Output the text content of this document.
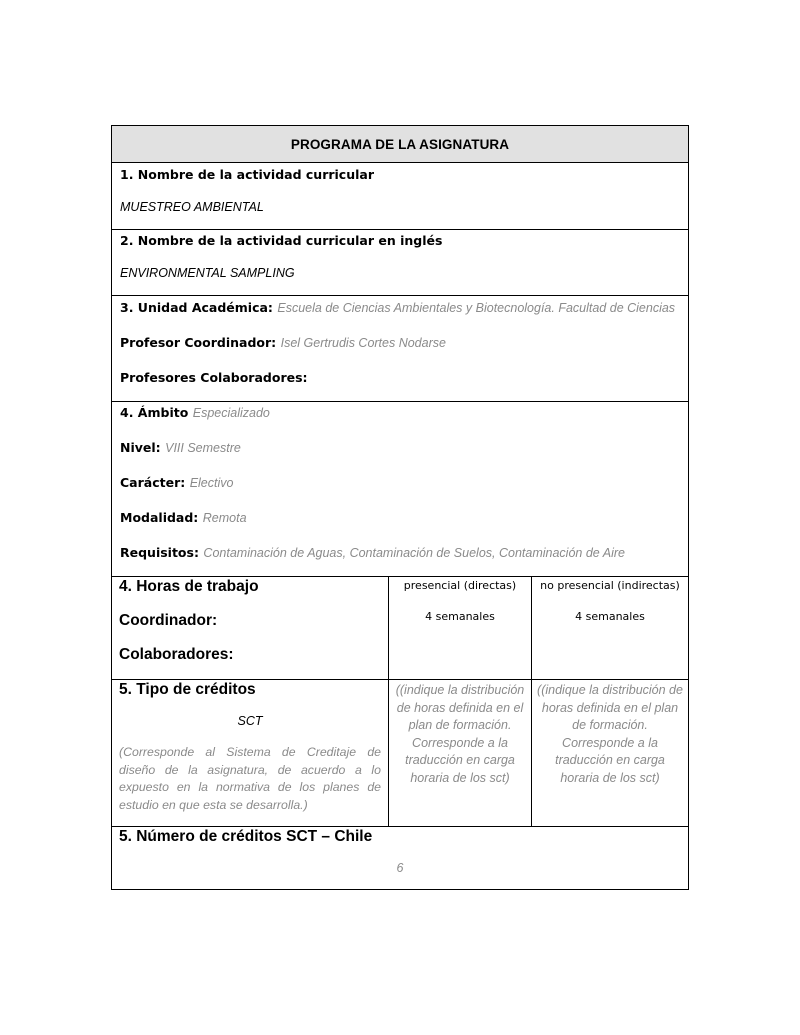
PROGRAMA DE LA ASIGNATURA
1. Nombre de la actividad curricular
MUESTREO AMBIENTAL
2. Nombre de la actividad curricular en inglés
ENVIRONMENTAL SAMPLING
3. Unidad Académica: Escuela de Ciencias Ambientales y Biotecnología. Facultad de Ciencias
Profesor Coordinador: Isel Gertrudis Cortes Nodarse
Profesores Colaboradores:
4. Ámbito Especializado
Nivel: VIII Semestre
Carácter: Electivo
Modalidad: Remota
Requisitos: Contaminación de Aguas, Contaminación de Suelos, Contaminación de Aire
4. Horas de trabajo
Coordinador:
Colaboradores:
presencial (directas)
4 semanales
no presencial (indirectas)
4 semanales
5. Tipo de créditos
SCT
(Corresponde al Sistema de Creditaje de diseño de la asignatura, de acuerdo a lo expuesto en la normativa de los planes de estudio en que esta se desarrolla.)
((indique la distribución de horas definida en el plan de formación. Corresponde a la traducción en carga horaria de los sct)
((indique la distribución de horas definida en el plan de formación. Corresponde a la traducción en carga horaria de los sct)
5. Número de créditos SCT – Chile
6
